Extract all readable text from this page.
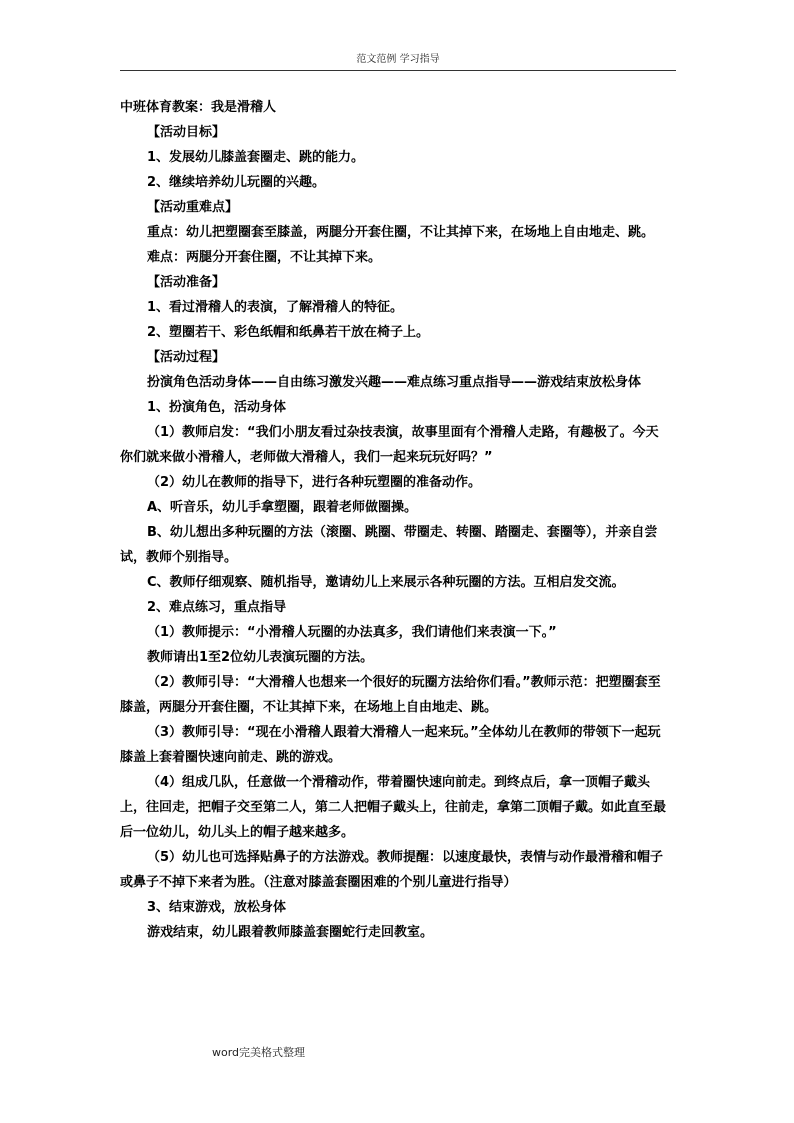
范文范例 学习指导

中班体育教案：我是滑稽人

【活动目标】

1、发展幼儿膝盖套圈走、跳的能力。

2、继续培养幼儿玩圈的兴趣。

【活动重难点】

重点：幼儿把塑圈套至膝盖，两腿分开套住圈，不让其掉下来，在场地上自由地走、跳。

难点：两腿分开套住圈，不让其掉下来。

【活动准备】

1、看过滑稽人的表演，了解滑稽人的特征。

2、塑圈若干、彩色纸帽和纸鼻若干放在椅子上。

【活动过程】

扮演角色活动身体——自由练习激发兴趣——难点练习重点指导——游戏结束放松身体

1、扮演角色，活动身体

（1）教师启发：“我们小朋友看过杂技表演，故事里面有个滑稽人走路，有趣极了。今天你们就来做小滑稽人，老师做大滑稽人，我们一起来玩玩好吗？”

（2）幼儿在教师的指导下，进行各种玩塑圈的准备动作。

A、听音乐，幼儿手拿塑圈，跟着老师做圈操。

B、幼儿想出多种玩圈的方法（滚圈、跳圈、带圈走、转圈、踏圈走、套圈等），并亲自尝试，教师个别指导。

C、教师仔细观察、随机指导，邀请幼儿上来展示各种玩圈的方法。互相启发交流。

2、难点练习，重点指导

（1）教师提示：“小滑稽人玩圈的办法真多，我们请他们来表演一下。”

教师请出1至2位幼儿表演玩圈的方法。

（2）教师引导：“大滑稽人也想来一个很好的玩圈方法给你们看。”教师示范：把塑圈套至膝盖，两腿分开套住圈，不让其掉下来，在场地上自由地走、跳。

（3）教师引导：“现在小滑稽人跟着大滑稽人一起来玩。”全体幼儿在教师的带领下一起玩膝盖上套着圈快速向前走、跳的游戏。

（4）组成几队，任意做一个滑稽动作，带着圈快速向前走。到终点后，拿一顶帽子戴头上，往回走，把帽子交至第二人，第二人把帽子戴头上，往前走，拿第二顶帽子戴。如此直至最后一位幼儿，幼儿头上的帽子越来越多。

（5）幼儿也可选择贴鼻子的方法游戏。教师提醒：以速度最快，表情与动作最滑稽和帽子或鼻子不掉下来者为胜。（注意对膝盖套圈困难的个别儿童进行指导）

3、结束游戏，放松身体

游戏结束，幼儿跟着教师膝盖套圈蛇行走回教室。

word完美格式整理
